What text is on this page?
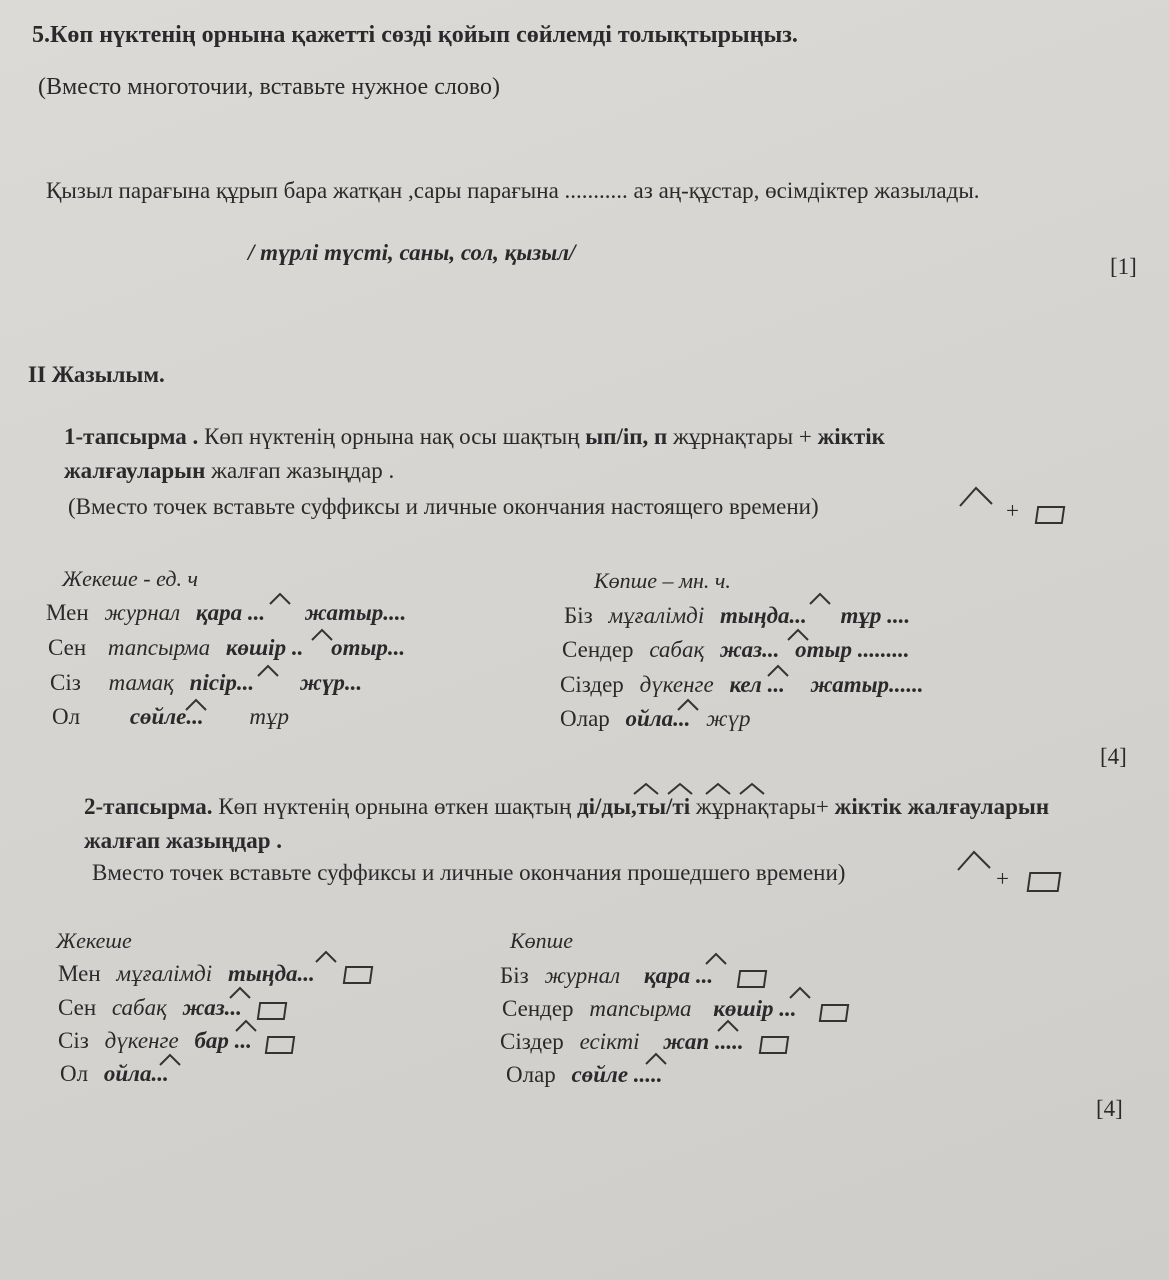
5.Көп нүктенің орнына қажетті сөзді қойып сөйлемді толықтырыңыз.
(Вместо многоточии, вставьте нужное слово)
Қызыл парағына құрып бара жатқан ,сары парағына ........... аз аң-құстар, өсімдіктер жазылады.
/ түрлі түсті, саны, сол, қызыл/
[1]
II Жазылым.
1-тапсырма . Көп нүктенің орнына нақ осы шақтың ып/іп, п жұрнақтары + жіктік
жалғауларын жалғап жазыңдар .
(Вместо точек вставьте суффиксы и личные окончания настоящего времени)	+
Жекеше - ед. ч	Көпше – мн. ч.
Мен журнал қара ... жатыр....
Сен тапсырма көшір .. отыр...
Сіз тамақ пісір... жүр...
Ол сөйле... тұр
Біз мұғалімді тыңда... тұр ....
Сендер сабақ жаз... отыр .........
Сіздер дүкенге кел ... жатыр......
Олар ойла... жүр
[4]
2-тапсырма. Көп нүктенің орнына өткен шақтың ді/ды,ты/ті жұрнақтары+ жіктік жалғауларын
жалғап жазыңдар .
Вместо точек вставьте суффиксы и личные окончания прошедшего времени)	+
Жекеше	Көпше
Мен мұғалімді тыңда...
Сен сабақ жаз...
Сіз дүкенге бар ...
Ол ойла...
Біз журнал қара ...
Сендер тапсырма көшір ...
Сіздер есікті жап .....
Олар сөйле .....
[4]
